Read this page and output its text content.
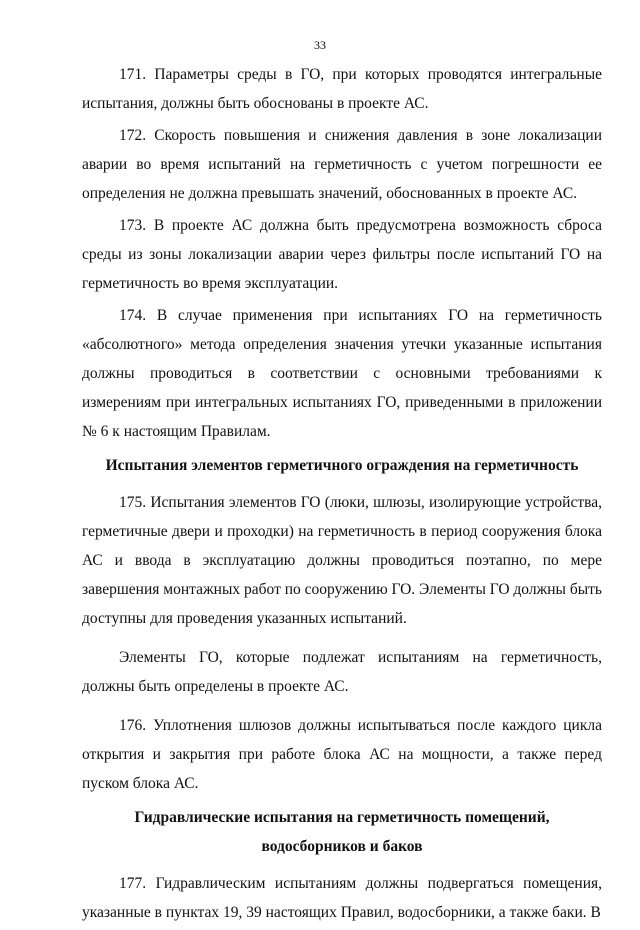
33

171. Параметры среды в ГО, при которых проводятся интегральные испытания, должны быть обоснованы в проекте АС.

172. Скорость повышения и снижения давления в зоне локализации аварии во время испытаний на герметичность с учетом погрешности ее определения не должна превышать значений, обоснованных в проекте АС.

173. В проекте АС должна быть предусмотрена возможность сброса среды из зоны локализации аварии через фильтры после испытаний ГО на герметичность во время эксплуатации.

174. В случае применения при испытаниях ГО на герметичность «абсолютного» метода определения значения утечки указанные испытания должны проводиться в соответствии с основными требованиями к измерениям при интегральных испытаниях ГО, приведенными в приложении № 6 к настоящим Правилам.

Испытания элементов герметичного ограждения на герметичность

175. Испытания элементов ГО (люки, шлюзы, изолирующие устройства, герметичные двери и проходки) на герметичность в период сооружения блока АС и ввода в эксплуатацию должны проводиться поэтапно, по мере завершения монтажных работ по сооружению ГО. Элементы ГО должны быть доступны для проведения указанных испытаний.

Элементы ГО, которые подлежат испытаниям на герметичность, должны быть определены в проекте АС.

176. Уплотнения шлюзов должны испытываться после каждого цикла открытия и закрытия при работе блока АС на мощности, а также перед пуском блока АС.

Гидравлические испытания на герметичность помещений, водосборников и баков

177. Гидравлическим испытаниям должны подвергаться помещения, указанные в пунктах 19, 39 настоящих Правил, водосборники, а также баки. В
